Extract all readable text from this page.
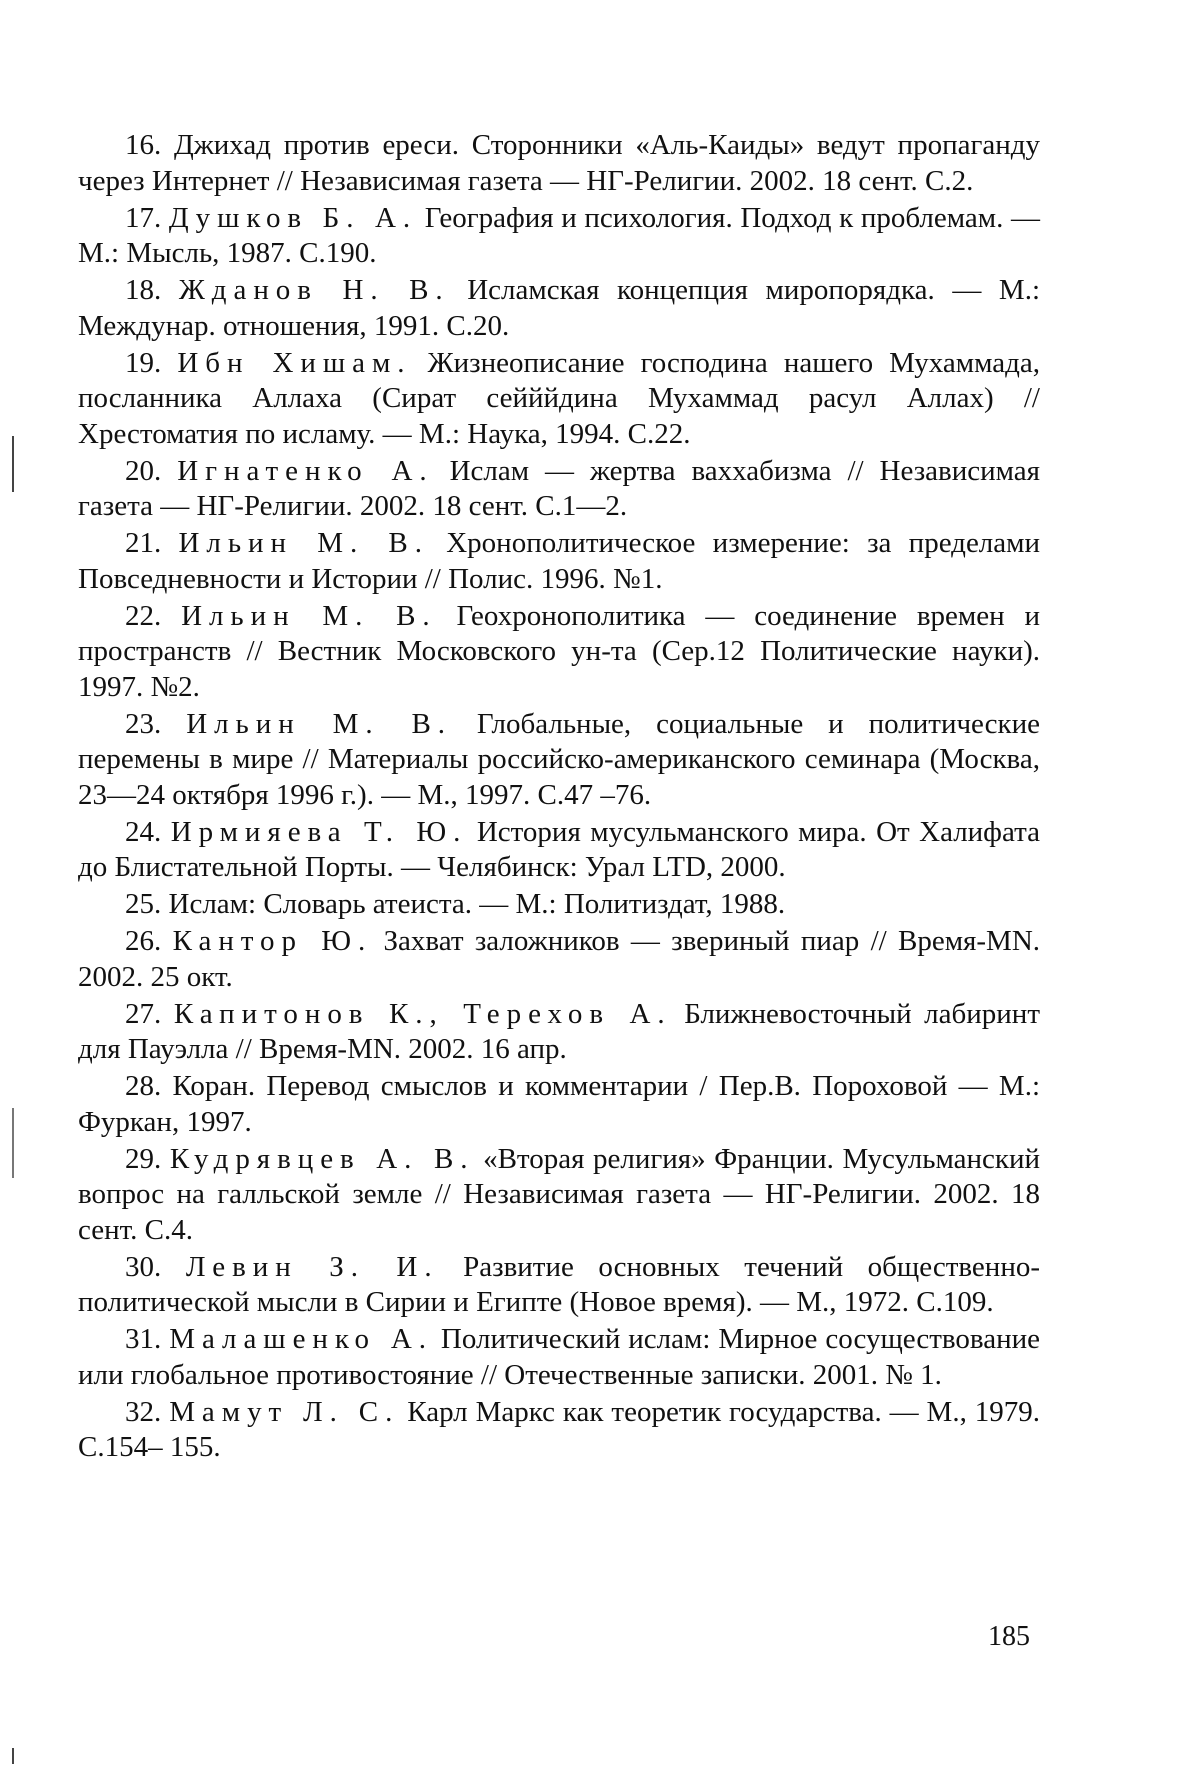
16. Джихад против ереси. Сторонники «Аль-Каиды» ведут пропаганду через Интернет // Независимая газета — НГ-Религии. 2002. 18 сент. С.2.

17. Душков Б. А. География и психология. Подход к проблемам. — М.: Мысль, 1987. С.190.

18. Жданов Н. В. Исламская концепция миропорядка. — М.: Междунар. отношения, 1991. С.20.

19. Ибн Хишам. Жизнеописание господина нашего Мухаммада, посланника Аллаха (Сират сейййдина Мухаммад расул Аллах) // Хрестоматия по исламу. — М.: Наука, 1994. С.22.

20. Игнатенко А. Ислам — жертва ваххабизма // Независимая газета — НГ-Религии. 2002. 18 сент. С.1—2.

21. Ильин М. В. Хронополитическое измерение: за пределами Повседневности и Истории // Полис. 1996. №1.

22. Ильин М. В. Геохронополитика — соединение времен и пространств // Вестник Московского ун-та (Сер.12 Политические науки). 1997. №2.

23. Ильин М. В. Глобальные, социальные и политические перемены в мире // Материалы российско-американского семинара (Москва, 23—24 октября 1996 г.). — М., 1997. С.47 –76.

24. Ирмияева Т. Ю. История мусульманского мира. От Халифата до Блистательной Порты. — Челябинск: Урал LTD, 2000.

25. Ислам: Словарь атеиста. — М.: Политиздат, 1988.

26. Кантор Ю. Захват заложников — звериный пиар // Время-MN. 2002. 25 окт.

27. Капитонов К., Терехов А. Ближневосточный лабиринт для Пауэлла // Время-MN. 2002. 16 апр.

28. Коран. Перевод смыслов и комментарии / Пер.В. Пороховой — М.: Фуркан, 1997.

29. Кудрявцев А. В. «Вторая религия» Франции. Мусульманский вопрос на галльской земле // Независимая газета — НГ-Религии. 2002. 18 сент. С.4.

30. Левин З. И. Развитие основных течений общественно-политической мысли в Сирии и Египте (Новое время). — М., 1972. С.109.

31. Малашенко А. Политический ислам: Мирное сосуществование или глобальное противостояние // Отечественные записки. 2001. № 1.

32. Мамут Л. С. Карл Маркс как теоретик государства. — М., 1979. С.154– 155.

185
